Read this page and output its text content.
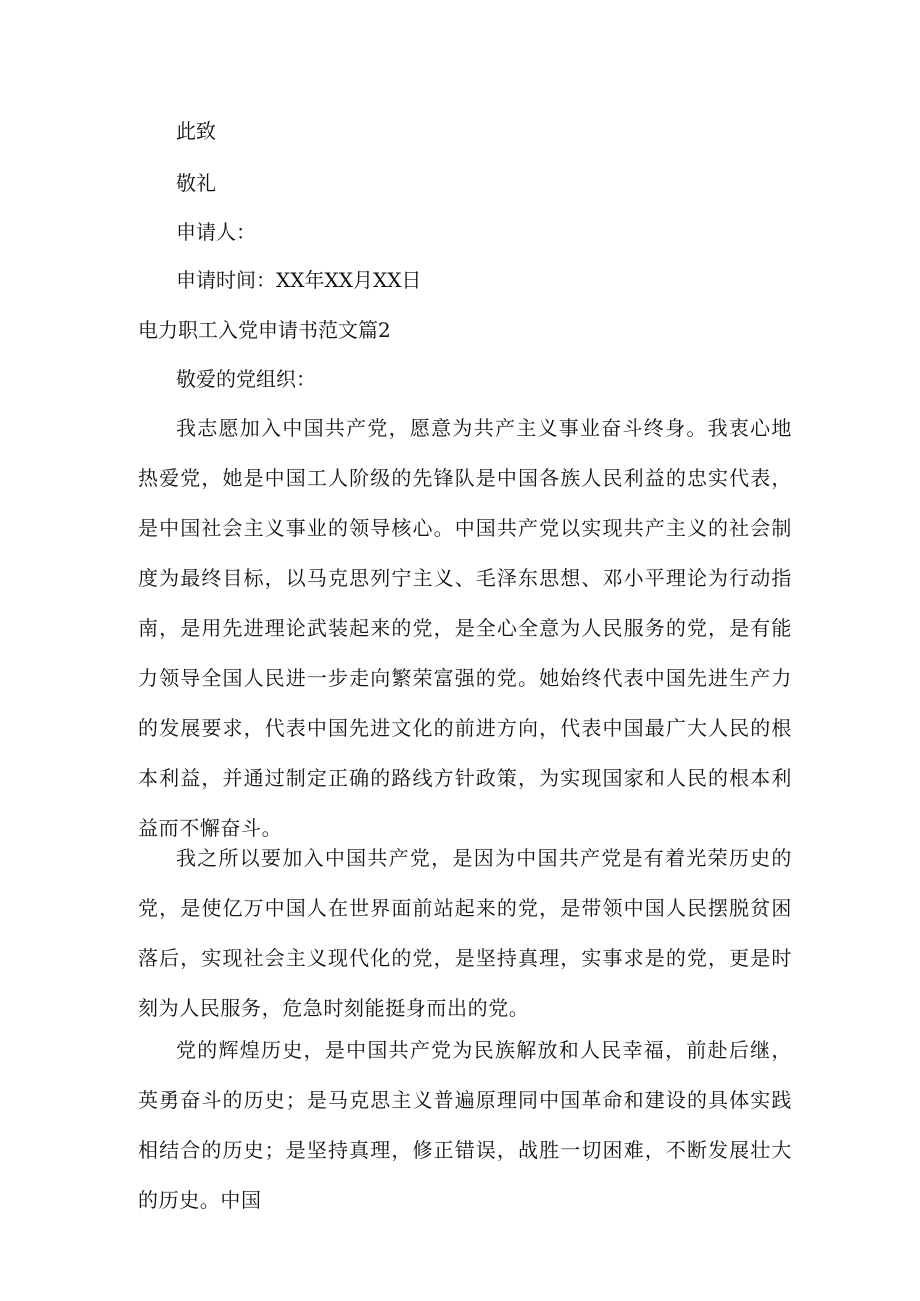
此致
敬礼
申请人：
申请时间：XX年XX月XX日
电力职工入党申请书范文篇2
敬爱的党组织：
我志愿加入中国共产党，愿意为共产主义事业奋斗终身。我衷心地热爱党，她是中国工人阶级的先锋队是中国各族人民利益的忠实代表，是中国社会主义事业的领导核心。中国共产党以实现共产主义的社会制度为最终目标，以马克思列宁主义、毛泽东思想、邓小平理论为行动指南，是用先进理论武装起来的党，是全心全意为人民服务的党，是有能力领导全国人民进一步走向繁荣富强的党。她始终代表中国先进生产力的发展要求，代表中国先进文化的前进方向，代表中国最广大人民的根本利益，并通过制定正确的路线方针政策，为实现国家和人民的根本利益而不懈奋斗。
我之所以要加入中国共产党，是因为中国共产党是有着光荣历史的党，是使亿万中国人在世界面前站起来的党，是带领中国人民摆脱贫困落后，实现社会主义现代化的党，是坚持真理，实事求是的党，更是时刻为人民服务，危急时刻能挺身而出的党。
党的辉煌历史，是中国共产党为民族解放和人民幸福，前赴后继，英勇奋斗的历史；是马克思主义普遍原理同中国革命和建设的具体实践相结合的历史；是坚持真理，修正错误，战胜一切困难，不断发展壮大的历史。中国
